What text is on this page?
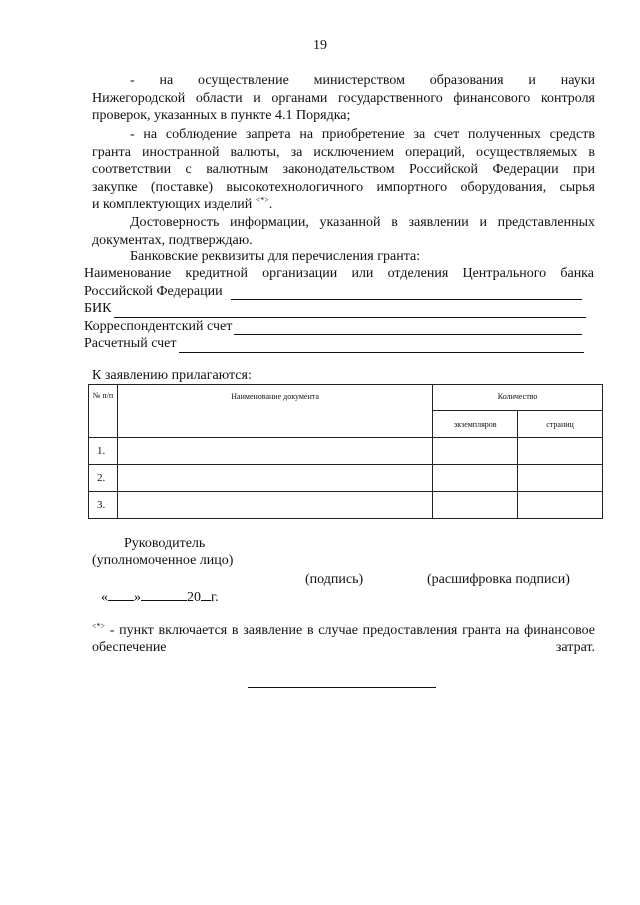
19
- на осуществление министерством образования и науки
Нижегородской области и органами государственного финансового контроля
проверок, указанных в пункте 4.1 Порядка;
- на соблюдение запрета на приобретение за счет полученных средств
гранта иностранной валюты, за исключением операций, осуществляемых в
соответствии с валютным законодательством Российской Федерации при
закупке (поставке) высокотехнологичного импортного оборудования, сырья
и комплектующих изделий <*>.
Достоверность информации, указанной в заявлении и представленных
документах, подтверждаю.
Банковские реквизиты для перечисления гранта:
Наименование кредитной организации или отделения Центрального банка
Российской Федерации
БИК
Корреспондентский счет
Расчетный счет
К заявлению прилагаются:
№ п/п	Наименование документа	Количество	
		экземпляров	страниц
1.			
2.			
3.			
Руководитель
(уполномоченное лицо)
(подпись)	(расшифровка подписи)
« »	20 г.
<*> - пункт включается в заявление в случае предоставления гранта на финансовое обеспечение затрат.
